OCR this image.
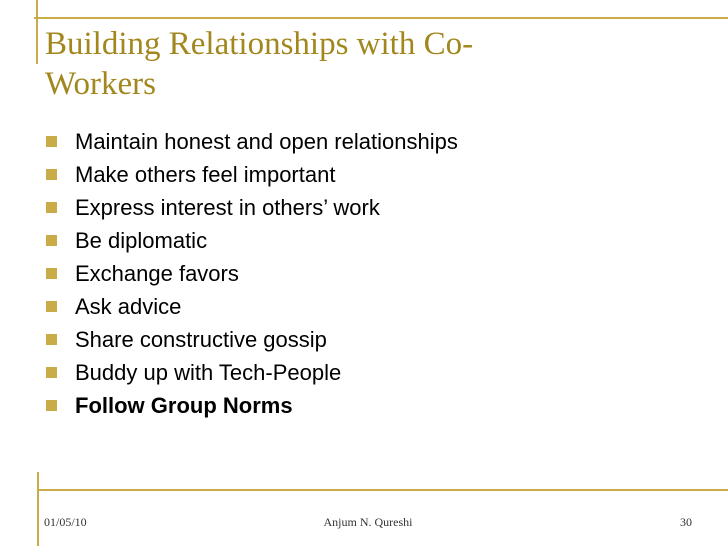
Building Relationships with Co-Workers
Maintain honest and open relationships
Make others feel important
Express interest in others’ work
Be diplomatic
Exchange favors
Ask advice
Share constructive gossip
Buddy up with Tech-People
Follow Group Norms
01/05/10	Anjum N. Qureshi	30
